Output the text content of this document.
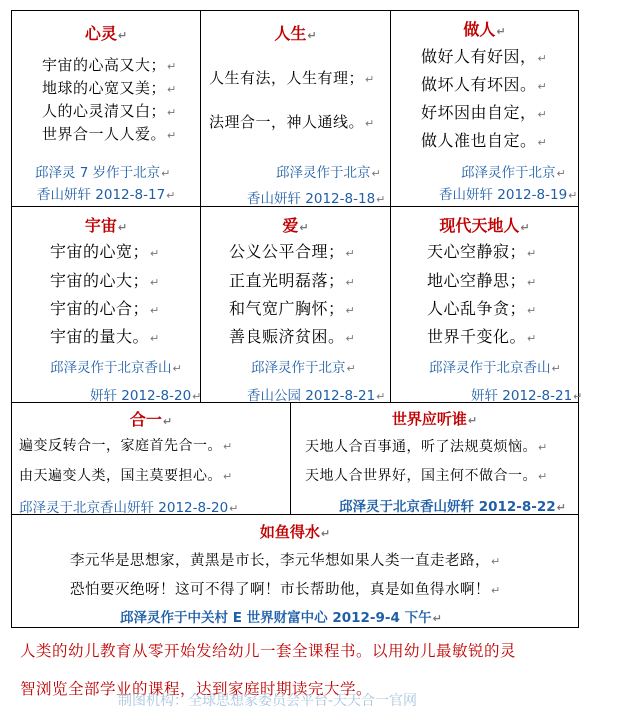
心灵↵
宇宙的心高又大；↵
地球的心宽又美；↵
人的心灵清又白；↵
世界合一人人爱。↵
邱泽灵 7 岁作于北京↵
香山妍轩 2012-8-17↵
人生↵
人生有法，人生有理；↵
法理合一，神人通线。↵
邱泽灵作于北京↵
香山妍轩 2012-8-18↵
做人↵
做好人有好因，↵
做坏人有坏因。↵
好坏因由自定，↵
做人准也自定。↵
邱泽灵作于北京↵
香山妍轩 2012-8-19↵
宇宙↵
宇宙的心宽；↵
宇宙的心大；↵
宇宙的心合；↵
宇宙的量大。↵
邱泽灵作于北京香山↵
妍轩 2012-8-20↵
爱↵
公义公平合理；↵
正直光明磊落；↵
和气宽广胸怀；↵
善良赈济贫困。↵
邱泽灵作于北京↵
香山公园 2012-8-21↵
现代天地人↵
天心空静寂；↵
地心空静思；↵
人心乱争贪；↵
世界千变化。↵
邱泽灵作于北京香山↵
妍轩 2012-8-21↵
合一↵
遍变反转合一，家庭首先合一。↵
由天遍变人类，国主莫要担心。↵
邱泽灵于北京香山妍轩 2012-8-20↵
世界应听谁↵
天地人合百事通，听了法规莫烦恼。↵
天地人合世界好，国主何不做合一。↵
邱泽灵于北京香山妍轩 2012-8-22↵
如鱼得水↵
李元华是思想家，黄黑是市长，李元华想如果人类一直走老路，↵
恐怕要灭绝呀！这可不得了啊！市长帮助他，真是如鱼得水啊！↵
邱泽灵作于中关村 E 世界财富中心 2012-9-4 下午↵
人类的幼儿教育从零开始发给幼儿一套全课程书。以用幼儿最敏锐的灵
智浏览全部学业的课程，达到家庭时期读完大学。
制图机构：全球思想家委员会平台-天天合一官网
